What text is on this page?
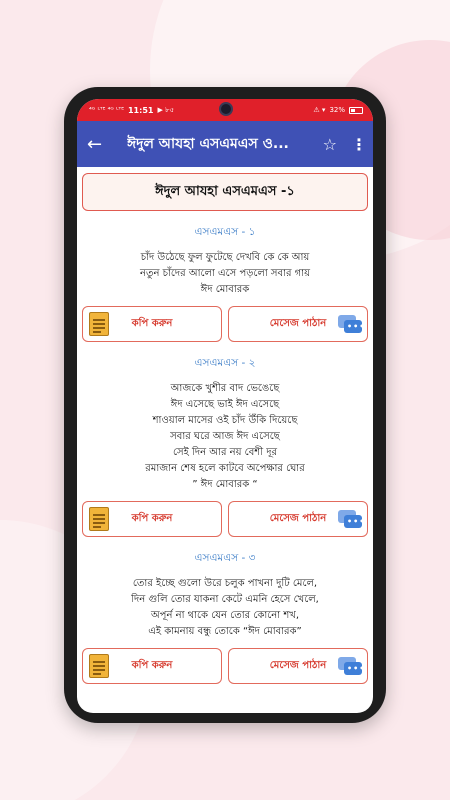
⁴ᴳ ᴸᵀᴱ ⁴ᴳ ᴸᵀᴱ 11:51 ▶ ৮৫	⚠ ▾ 32%
←	ঈদুল আযহা এসএমএস ও...	☆ ⋮
ঈদুল আযহা এসএমএস -১
এসএমএস - ১
চাঁদ উঠেছে ফুল ফুটেছে দেখবি কে কে আয়
নতুন চাঁদের আলো এসে পড়লো সবার গায়
ঈদ মোবারক
কপি করুন	মেসেজ পাঠান	•••
এসএমএস - ২
আজকে খুশীর বাদ ভেঙেছে
ঈদ এসেছে ভাই ঈদ এসেছে
শাওয়াল মাসের ওই চাঁদ উঁকি দিয়েছে
সবার ঘরে আজ ঈদ এসেছে
সেই দিন আর নয় বেশী দূর
রমাজান শেষ হলে কাটবে অপেক্ষার ঘোর
” ঈদ মোবারক “
কপি করুন	মেসেজ পাঠান	•••
এসএমএস - ৩
তোর ইচ্ছে গুলো উরে চলুক পাখনা দুটি মেলে,
দিন গুলি তোর যাকনা কেটে এমনি হেসে খেলে,
অপূর্ন না থাকে যেন তোর কোনো শখ,
এই কামনায় বন্ধু তোকে “ঈদ মোবারক”
কপি করুন	মেসেজ পাঠান	•••
